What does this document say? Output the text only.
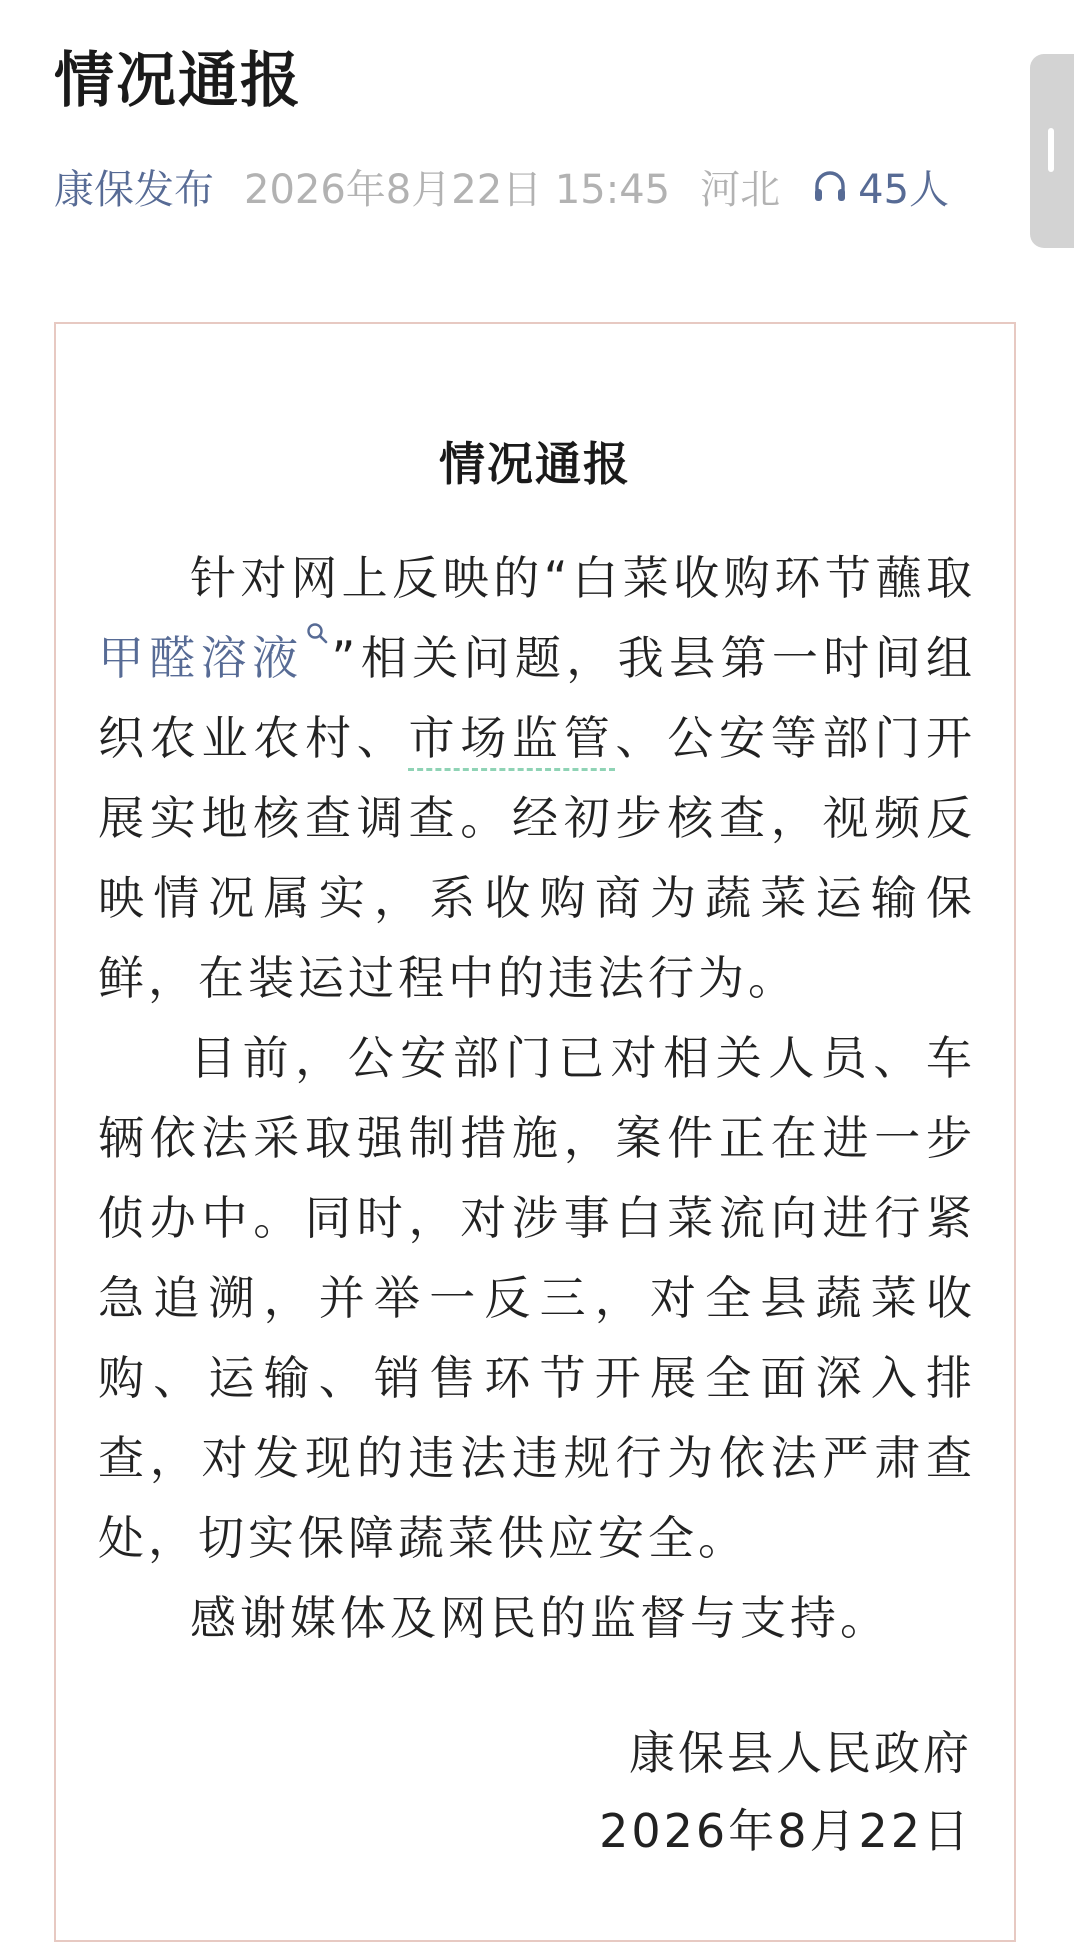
情况通报
康保发布 2026年8月22日 15:45 河北 45人
情况通报

针对网上反映的“白菜收购环节蘸取甲醛溶液 ”相关问题，我县第一时间组织农业农村、市场监管、公安等部门开展实地核查调查。经初步核查，视频反映情况属实，系收购商为蔬菜运输保鲜，在装运过程中的违法行为。

目前，公安部门已对相关人员、车辆依法采取强制措施，案件正在进一步侦办中。同时，对涉事白菜流向进行紧急追溯，并举一反三，对全县蔬菜收购、运输、销售环节开展全面深入排查，对发现的违法违规行为依法严肃查处，切实保障蔬菜供应安全。

感谢媒体及网民的监督与支持。

康保县人民政府
2026年8月22日
